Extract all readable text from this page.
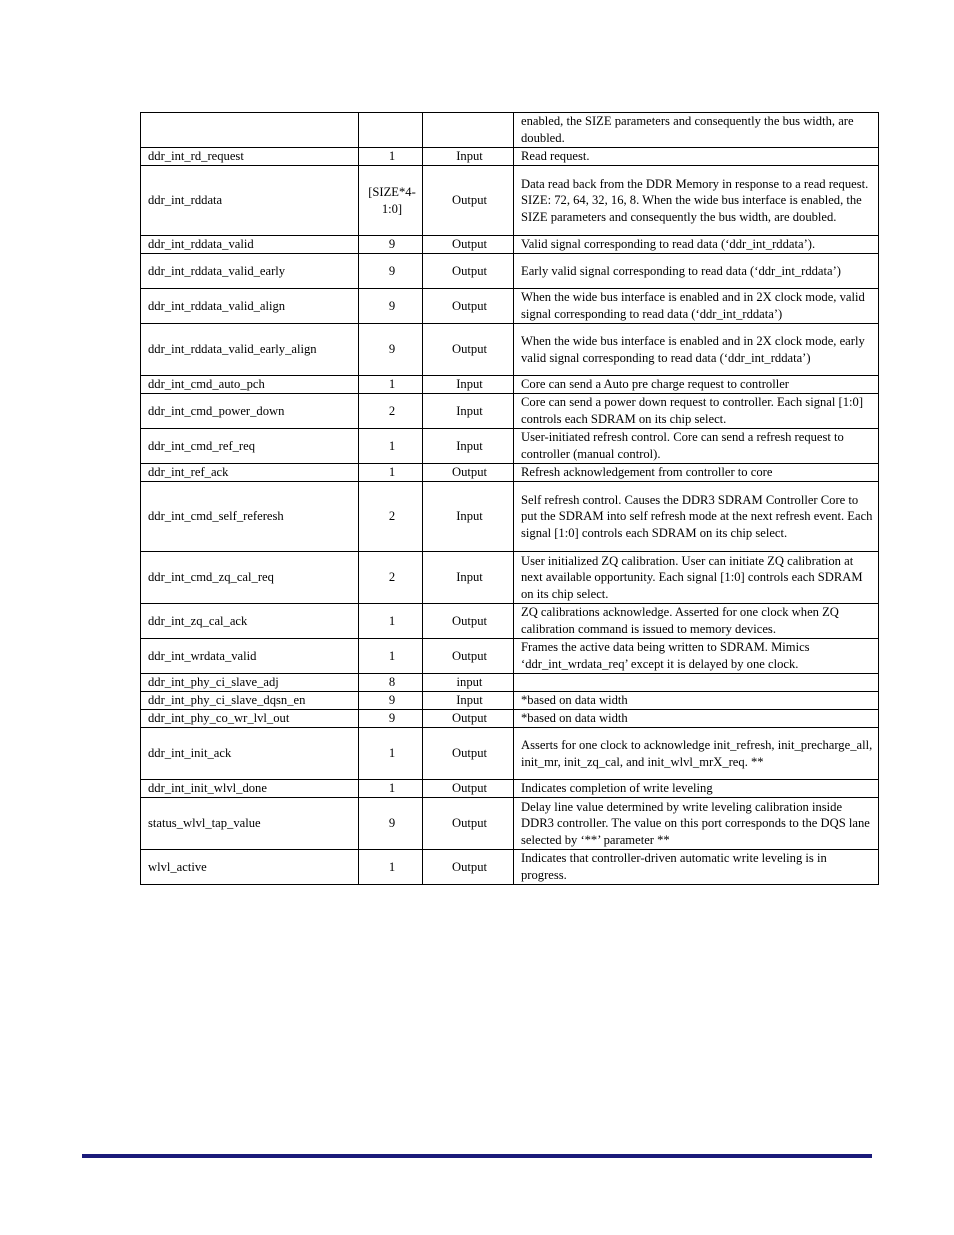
			enabled, the SIZE parameters and consequently the bus width, are doubled.
ddr_int_rd_request	1	Input	Read request.
ddr_int_rddata	[SIZE*4-1:0]	Output	Data read back from the DDR Memory in response to a read request. SIZE: 72, 64, 32, 16, 8. When the wide bus interface is enabled, the SIZE parameters and consequently the bus width, are doubled.
ddr_int_rddata_valid	9	Output	Valid signal corresponding to read data (‘ddr_int_rddata’).
ddr_int_rddata_valid_early	9	Output	Early valid signal corresponding to read data (‘ddr_int_rddata’)
ddr_int_rddata_valid_align	9	Output	When the wide bus interface is enabled and in 2X clock mode, valid signal corresponding to read data (‘ddr_int_rddata’)
ddr_int_rddata_valid_early_align	9	Output	When the wide bus interface is enabled and in 2X clock mode, early valid signal corresponding to read data (‘ddr_int_rddata’)
ddr_int_cmd_auto_pch	1	Input	Core can send a Auto pre charge request to controller
ddr_int_cmd_power_down	2	Input	Core can send a power down request to controller. Each signal [1:0] controls each SDRAM on its chip select.
ddr_int_cmd_ref_req	1	Input	User-initiated refresh control. Core can send a refresh request to controller (manual control).
ddr_int_ref_ack	1	Output	Refresh acknowledgement from controller to core
ddr_int_cmd_self_referesh	2	Input	Self refresh control. Causes the DDR3 SDRAM Controller Core to put the SDRAM into self refresh mode at the next refresh event. Each signal [1:0] controls each SDRAM on its chip select.
ddr_int_cmd_zq_cal_req	2	Input	User initialized ZQ calibration. User can initiate ZQ calibration at next available opportunity. Each signal [1:0] controls each SDRAM on its chip select.
ddr_int_zq_cal_ack	1	Output	ZQ calibrations acknowledge. Asserted for one clock when ZQ calibration command is issued to memory devices.
ddr_int_wrdata_valid	1	Output	Frames the active data being written to SDRAM. Mimics ‘ddr_int_wrdata_req’ except it is delayed by one clock.
ddr_int_phy_ci_slave_adj	8	input	
ddr_int_phy_ci_slave_dqsn_en	9	Input	*based on data width
ddr_int_phy_co_wr_lvl_out	9	Output	*based on data width
ddr_int_init_ack	1	Output	Asserts for one clock to acknowledge init_refresh, init_precharge_all, init_mr, init_zq_cal, and init_wlvl_mrX_req. **
ddr_int_init_wlvl_done	1	Output	Indicates completion of write leveling
status_wlvl_tap_value	9	Output	Delay line value determined by write leveling calibration inside DDR3 controller. The value on this port corresponds to the DQS lane selected by ‘**’ parameter **
wlvl_active	1	Output	Indicates that controller-driven automatic write leveling is in progress.
